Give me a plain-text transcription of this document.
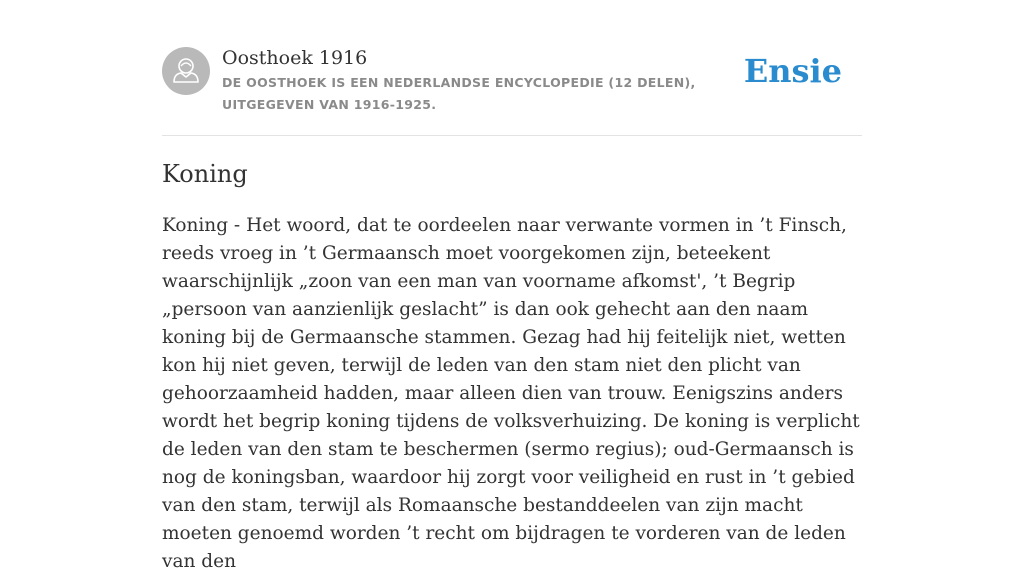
Oosthoek 1916
DE OOSTHOEK IS EEN NEDERLANDSE ENCYCLOPEDIE (12 DELEN), UITGEGEVEN VAN 1916-1925.
Ensie
Koning

Koning - Het woord, dat te oordeelen naar verwante vormen in ’t Finsch, reeds vroeg in ’t Germaansch moet voorgekomen zijn, beteekent waarschijnlijk „zoon van een man van voorname afkomst', ’t Begrip „persoon van aanzienlijk geslacht” is dan ook gehecht aan den naam koning bij de Germaansche stammen. Gezag had hij feitelijk niet, wetten kon hij niet geven, terwijl de leden van den stam niet den plicht van gehoorzaamheid hadden, maar alleen dien van trouw. Eenigszins anders wordt het begrip koning tijdens de volksverhuizing. De koning is verplicht de leden van den stam te beschermen (sermo regius); oud-Germaansch is nog de koningsban, waardoor hij zorgt voor veiligheid en rust in ’t gebied van den stam, terwijl als Romaansche bestanddeelen van zijn macht moeten genoemd worden ’t recht om bijdragen te vorderen van de leden van den
